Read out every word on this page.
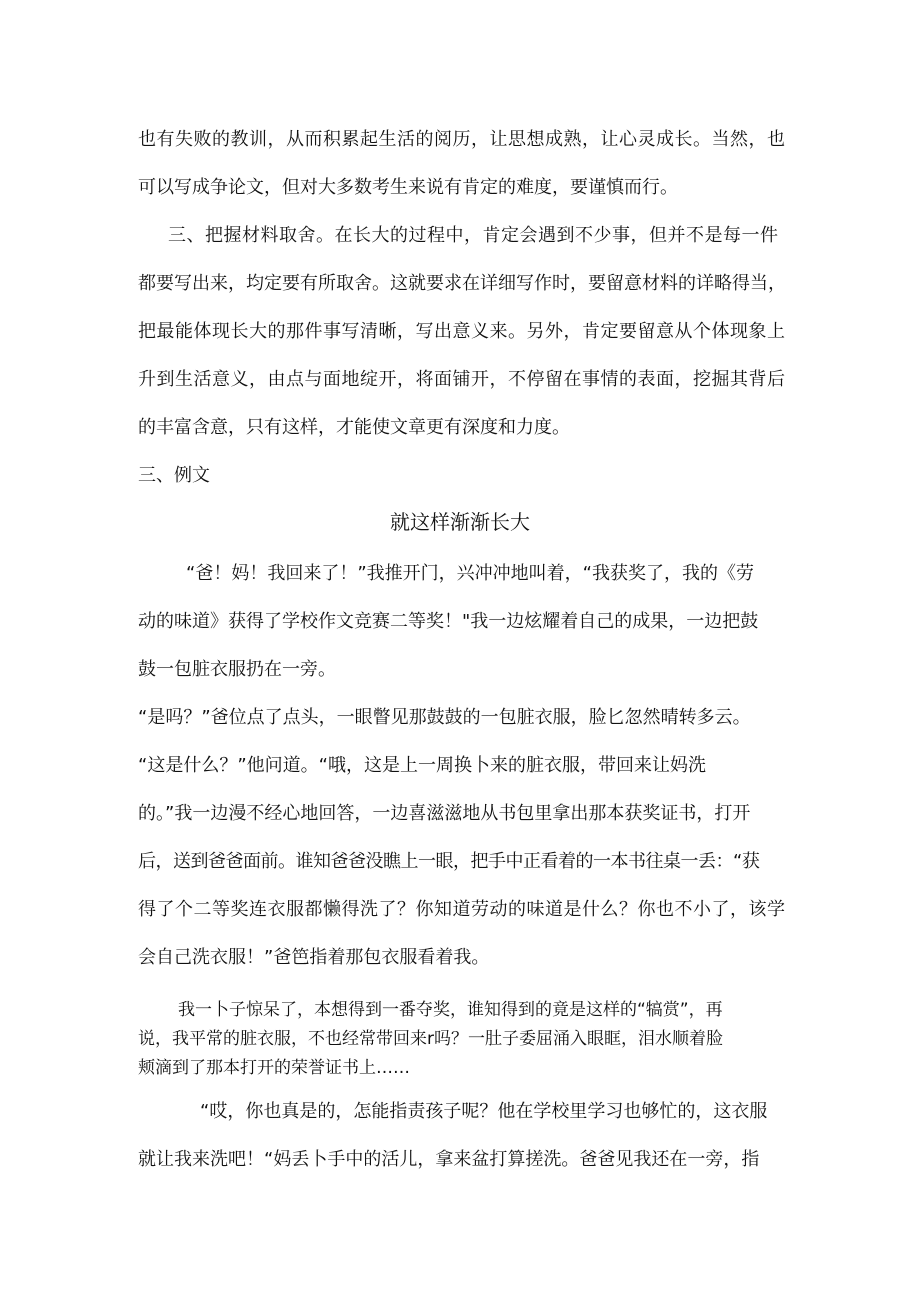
也有失败的教训，从而积累起生活的阅历，让思想成熟，让心灵成长。当然，也
可以写成争论文，但对大多数考生来说有肯定的难度，要谨慎而行。
三、把握材料取舍。在长大的过程中，肯定会遇到不少事，但并不是每一件
都要写出来，均定要有所取舍。这就要求在详细写作时，要留意材料的详略得当，
把最能体现长大的那件事写清晰，写出意义来。另外，肯定要留意从个体现象上
升到生活意义，由点与面地绽开，将面铺开，不停留在事情的表面，挖掘其背后
的丰富含意，只有这样，才能使文章更有深度和力度。
三、例文
就这样渐渐长大
“爸！妈！我回来了！”我推开门，兴冲冲地叫着，“我获奖了，我的《劳
动的味道》获得了学校作文竞赛二等奖！"我一边炫耀着自己的成果，一边把鼓
鼓一包脏衣服扔在一旁。
“是吗？”爸位点了点头，一眼瞥见那鼓鼓的一包脏衣服，脸匕忽然晴转多云。
“这是什么？”他问道。“哦，这是上一周换卜来的脏衣服，带回来让妈洗
的。”我一边漫不经心地回答，一边喜滋滋地从书包里拿出那本获奖证书，打开
后，送到爸爸面前。谁知爸爸没瞧上一眼，把手中正看着的一本书往桌一丢：“获
得了个二等奖连衣服都懒得洗了？你知道劳动的味道是什么？你也不小了，该学
会自己洗衣服！”爸笆指着那包衣服看着我。
我一卜子惊呆了，本想得到一番夺奖，谁知得到的竟是这样的“犒赏”，再
说，我平常的脏衣服，不也经常带回来r吗？一肚子委屈涌入眼眶，泪水顺着脸
颊滴到了那本打开的荣誉证书上……
“哎，你也真是的，怎能指责孩子呢？他在学校里学习也够忙的，这衣服
就让我来洗吧！“妈丢卜手中的活儿，拿来盆打算搓洗。爸爸见我还在一旁，指
